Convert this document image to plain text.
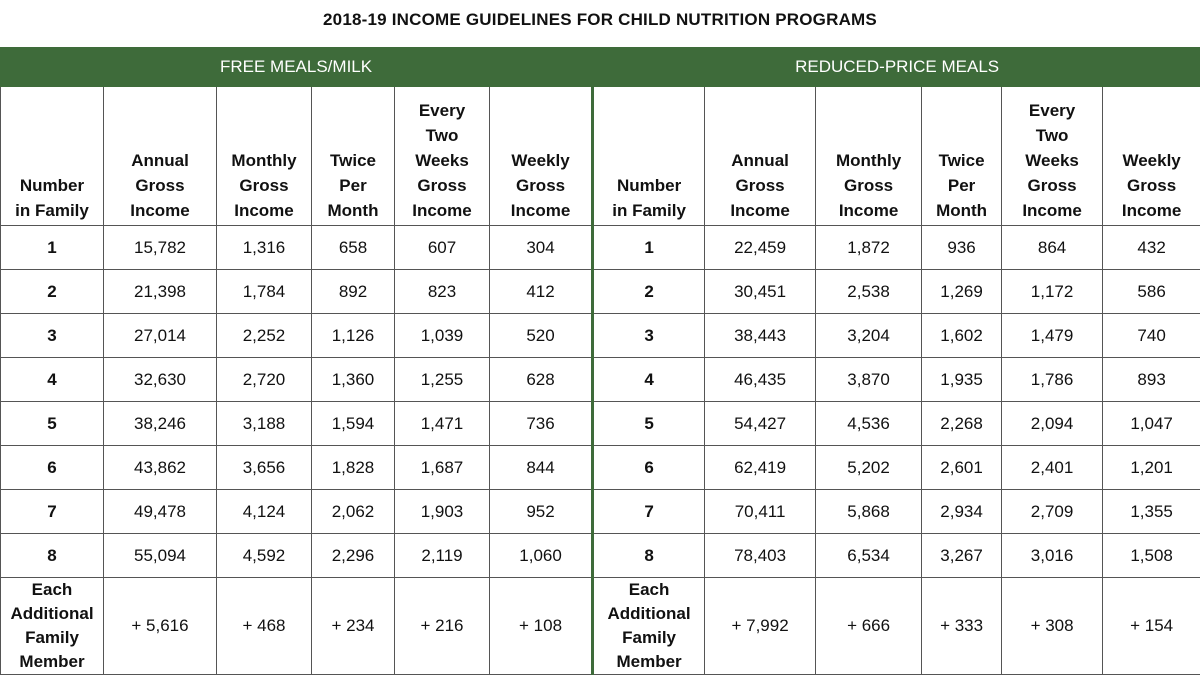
2018-19 INCOME GUIDELINES FOR CHILD NUTRITION PROGRAMS
FREE MEALS/MILK						REDUCED-PRICE MEALS					
Number
in Family	Annual
Gross
Income	Monthly
Gross
Income	Twice
Per
Month	Every
Two
Weeks
Gross
Income	Weekly
Gross
Income	Number
in Family	Annual
Gross
Income	Monthly
Gross
Income	Twice
Per
Month	Every
Two
Weeks
Gross
Income	Weekly
Gross
Income
1	15,782	1,316	658	607	304	1	22,459	1,872	936	864	432
2	21,398	1,784	892	823	412	2	30,451	2,538	1,269	1,172	586
3	27,014	2,252	1,126	1,039	520	3	38,443	3,204	1,602	1,479	740
4	32,630	2,720	1,360	1,255	628	4	46,435	3,870	1,935	1,786	893
5	38,246	3,188	1,594	1,471	736	5	54,427	4,536	2,268	2,094	1,047
6	43,862	3,656	1,828	1,687	844	6	62,419	5,202	2,601	2,401	1,201
7	49,478	4,124	2,062	1,903	952	7	70,411	5,868	2,934	2,709	1,355
8	55,094	4,592	2,296	2,119	1,060	8	78,403	6,534	3,267	3,016	1,508
Each
Additional
Family
Member	+ 5,616	+ 468	+ 234	+ 216	+ 108	Each
Additional
Family
Member	+ 7,992	+ 666	+ 333	+ 308	+ 154
